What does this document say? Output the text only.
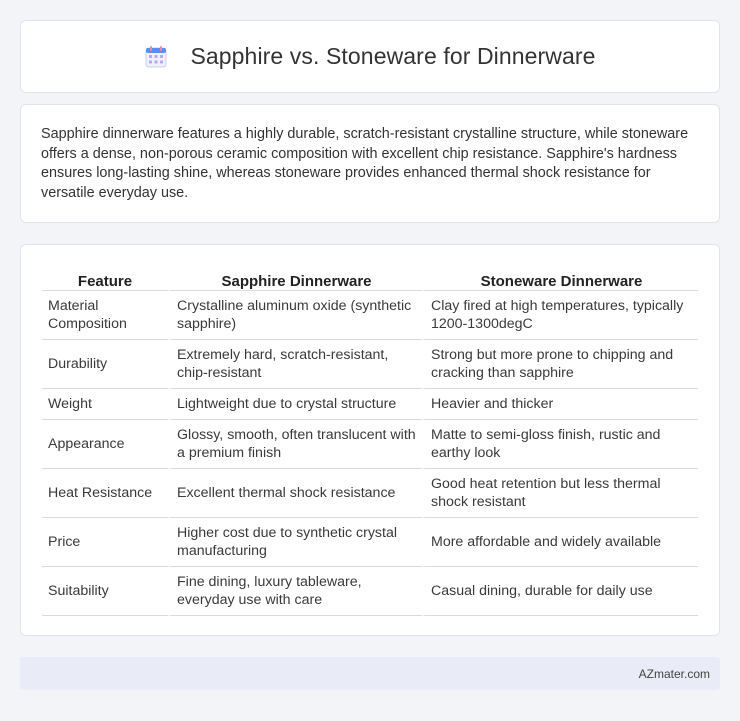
Sapphire vs. Stoneware for Dinnerware

Sapphire dinnerware features a highly durable, scratch-resistant crystalline structure, while stoneware offers a dense, non-porous ceramic composition with excellent chip resistance. Sapphire's hardness ensures long-lasting shine, whereas stoneware provides enhanced thermal shock resistance for versatile everyday use.

Feature	Sapphire Dinnerware	Stoneware Dinnerware
Material Composition	Crystalline aluminum oxide (synthetic sapphire)	Clay fired at high temperatures, typically 1200-1300degC
Durability	Extremely hard, scratch-resistant, chip-resistant	Strong but more prone to chipping and cracking than sapphire
Weight	Lightweight due to crystal structure	Heavier and thicker
Appearance	Glossy, smooth, often translucent with a premium finish	Matte to semi-gloss finish, rustic and earthy look
Heat Resistance	Excellent thermal shock resistance	Good heat retention but less thermal shock resistant
Price	Higher cost due to synthetic crystal manufacturing	More affordable and widely available
Suitability	Fine dining, luxury tableware, everyday use with care	Casual dining, durable for daily use
AZmater.com
